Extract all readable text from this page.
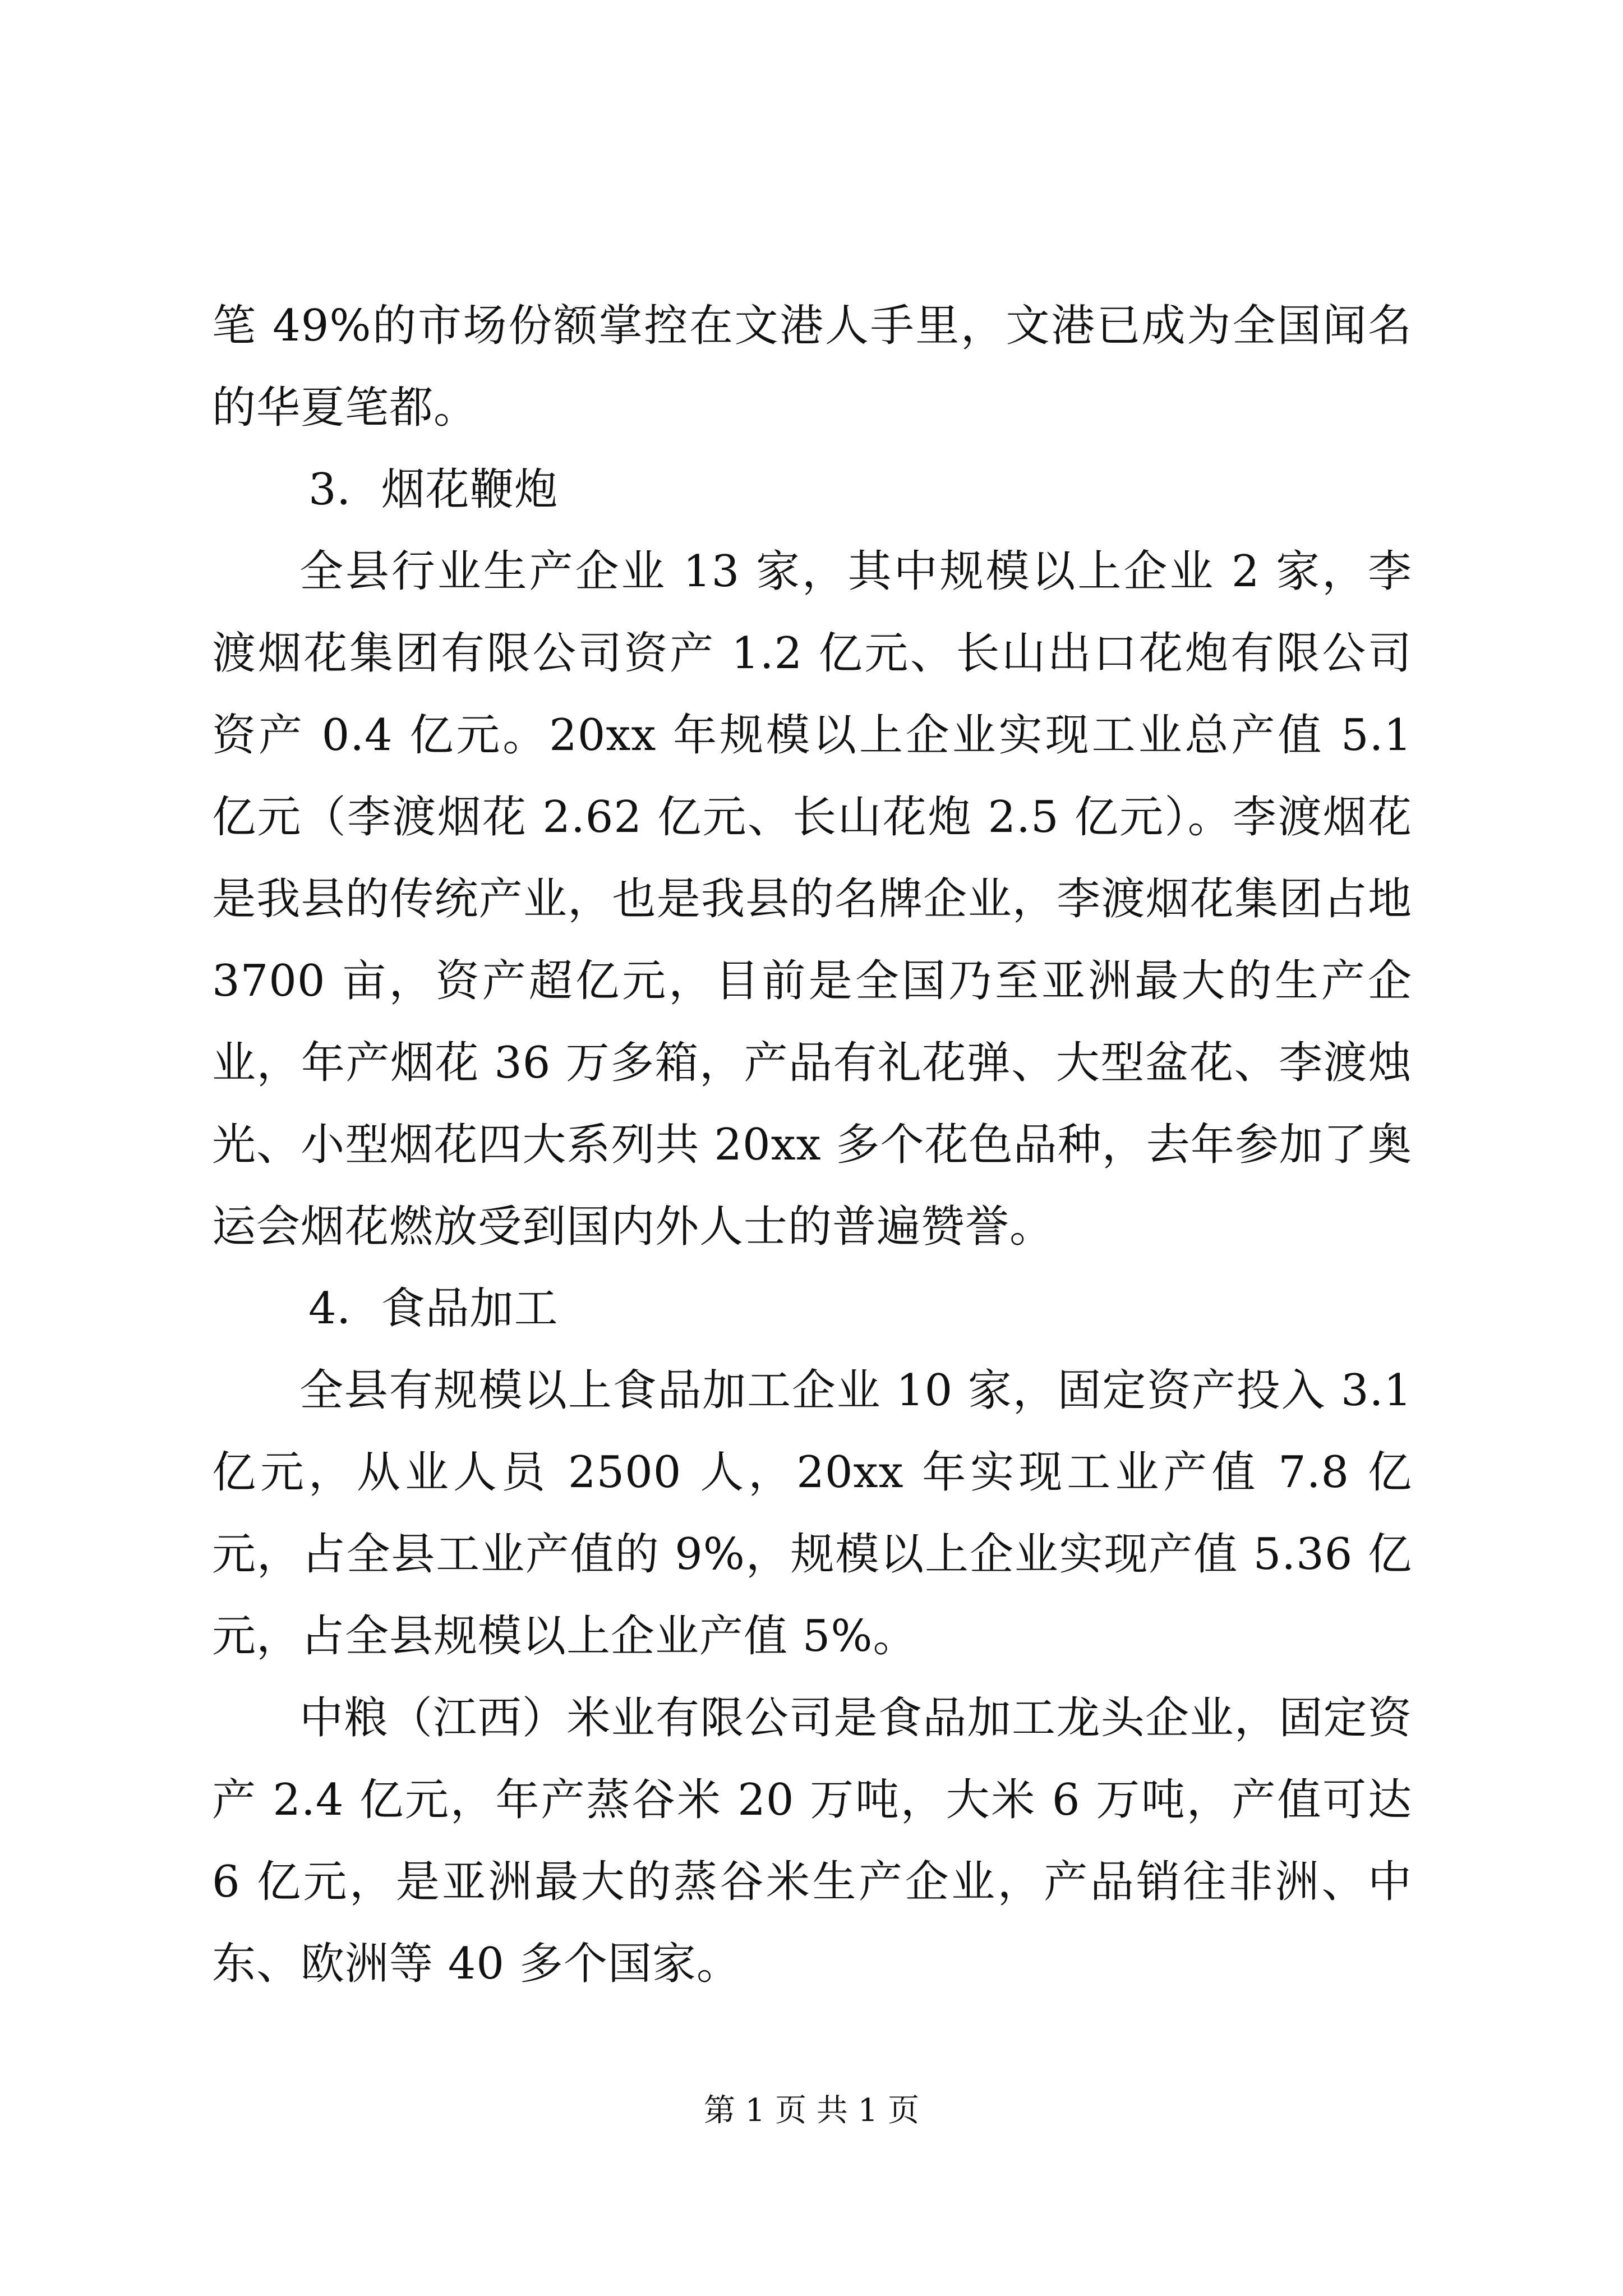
笔 49%的市场份额掌控在文港人手里，文港已成为全国闻名的华夏笔都。

3．烟花鞭炮

全县行业生产企业 13 家，其中规模以上企业 2 家，李渡烟花集团有限公司资产 1.2 亿元、长山出口花炮有限公司资产 0.4 亿元。20xx 年规模以上企业实现工业总产值 5.1 亿元（李渡烟花 2.62 亿元、长山花炮 2.5 亿元）。李渡烟花是我县的传统产业，也是我县的名牌企业，李渡烟花集团占地 3700 亩，资产超亿元，目前是全国乃至亚洲最大的生产企业，年产烟花 36 万多箱，产品有礼花弹、大型盆花、李渡烛光、小型烟花四大系列共 20xx 多个花色品种，去年参加了奥运会烟花燃放受到国内外人士的普遍赞誉。

4．食品加工

全县有规模以上食品加工企业 10 家，固定资产投入 3.1 亿元，从业人员 2500 人，20xx 年实现工业产值 7.8 亿元，占全县工业产值的 9%，规模以上企业实现产值 5.36 亿元，占全县规模以上企业产值 5%。

中粮（江西）米业有限公司是食品加工龙头企业，固定资产 2.4 亿元，年产蒸谷米 20 万吨，大米 6 万吨，产值可达 6 亿元，是亚洲最大的蒸谷米生产企业，产品销往非洲、中东、欧洲等 40 多个国家。

第 1 页 共 1 页
